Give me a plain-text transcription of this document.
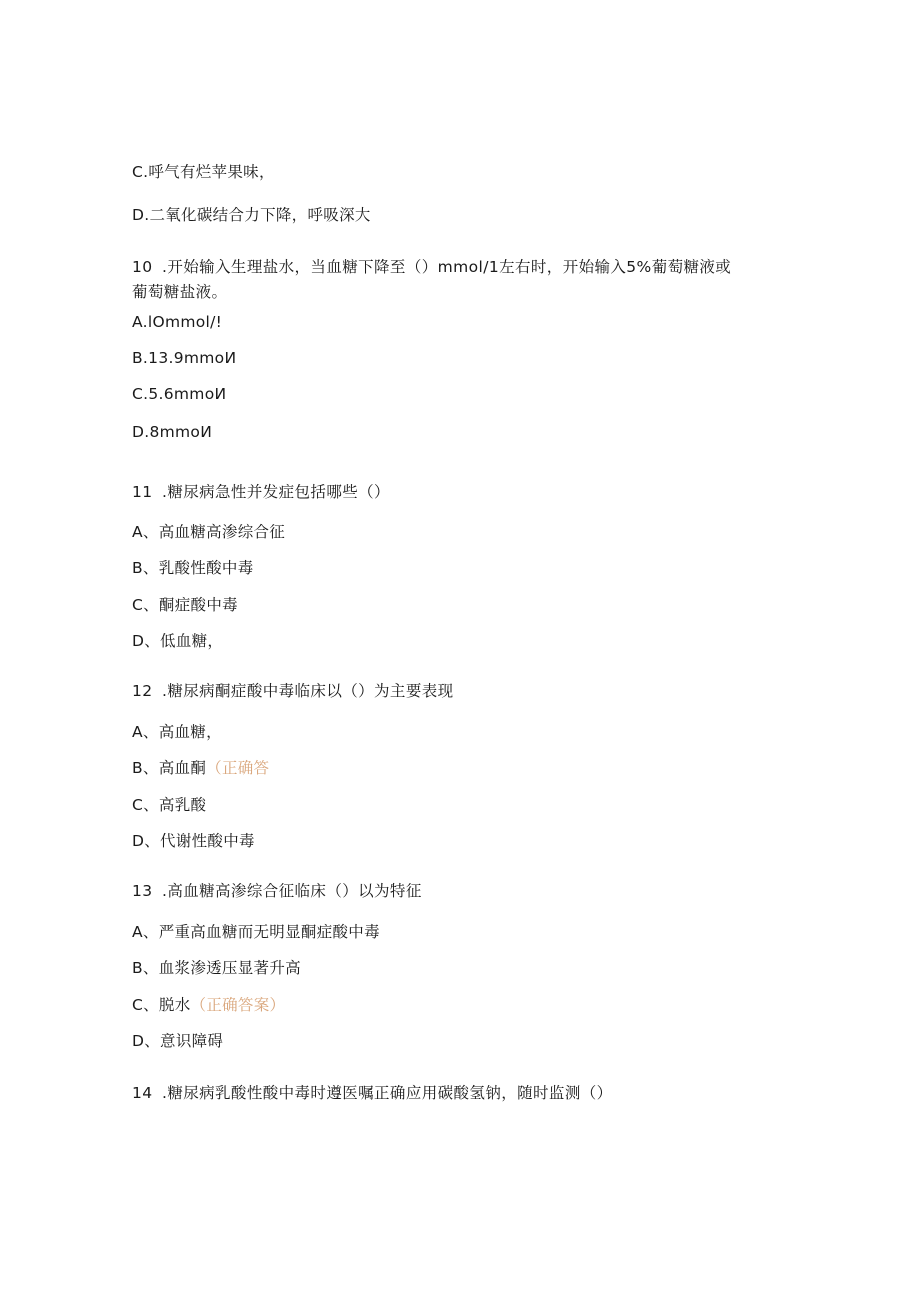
C.呼气有烂苹果味，
D.二氧化碳结合力下降，呼吸深大
10 .开始输入生理盐水，当血糖下降至（）mmol/1左右时，开始输入5%葡萄糖液或
葡萄糖盐液。
A.lOmmol/!
B.13.9mmoИ
C.5.6mmoИ
D.8mmoИ
11 .糖尿病急性并发症包括哪些（）
A、高血糖高渗综合征
B、乳酸性酸中毒
C、酮症酸中毒
D、低血糖，
12 .糖尿病酮症酸中毒临床以（）为主要表现
A、高血糖，
B、高血酮（正确答
C、高乳酸
D、代谢性酸中毒
13 .高血糖高渗综合征临床（）以为特征
A、严重高血糖而无明显酮症酸中毒
B、血浆渗透压显著升高
C、脱水（正确答案）
D、意识障碍
14 .糖尿病乳酸性酸中毒时遵医嘱正确应用碳酸氢钠，随时监测（）
